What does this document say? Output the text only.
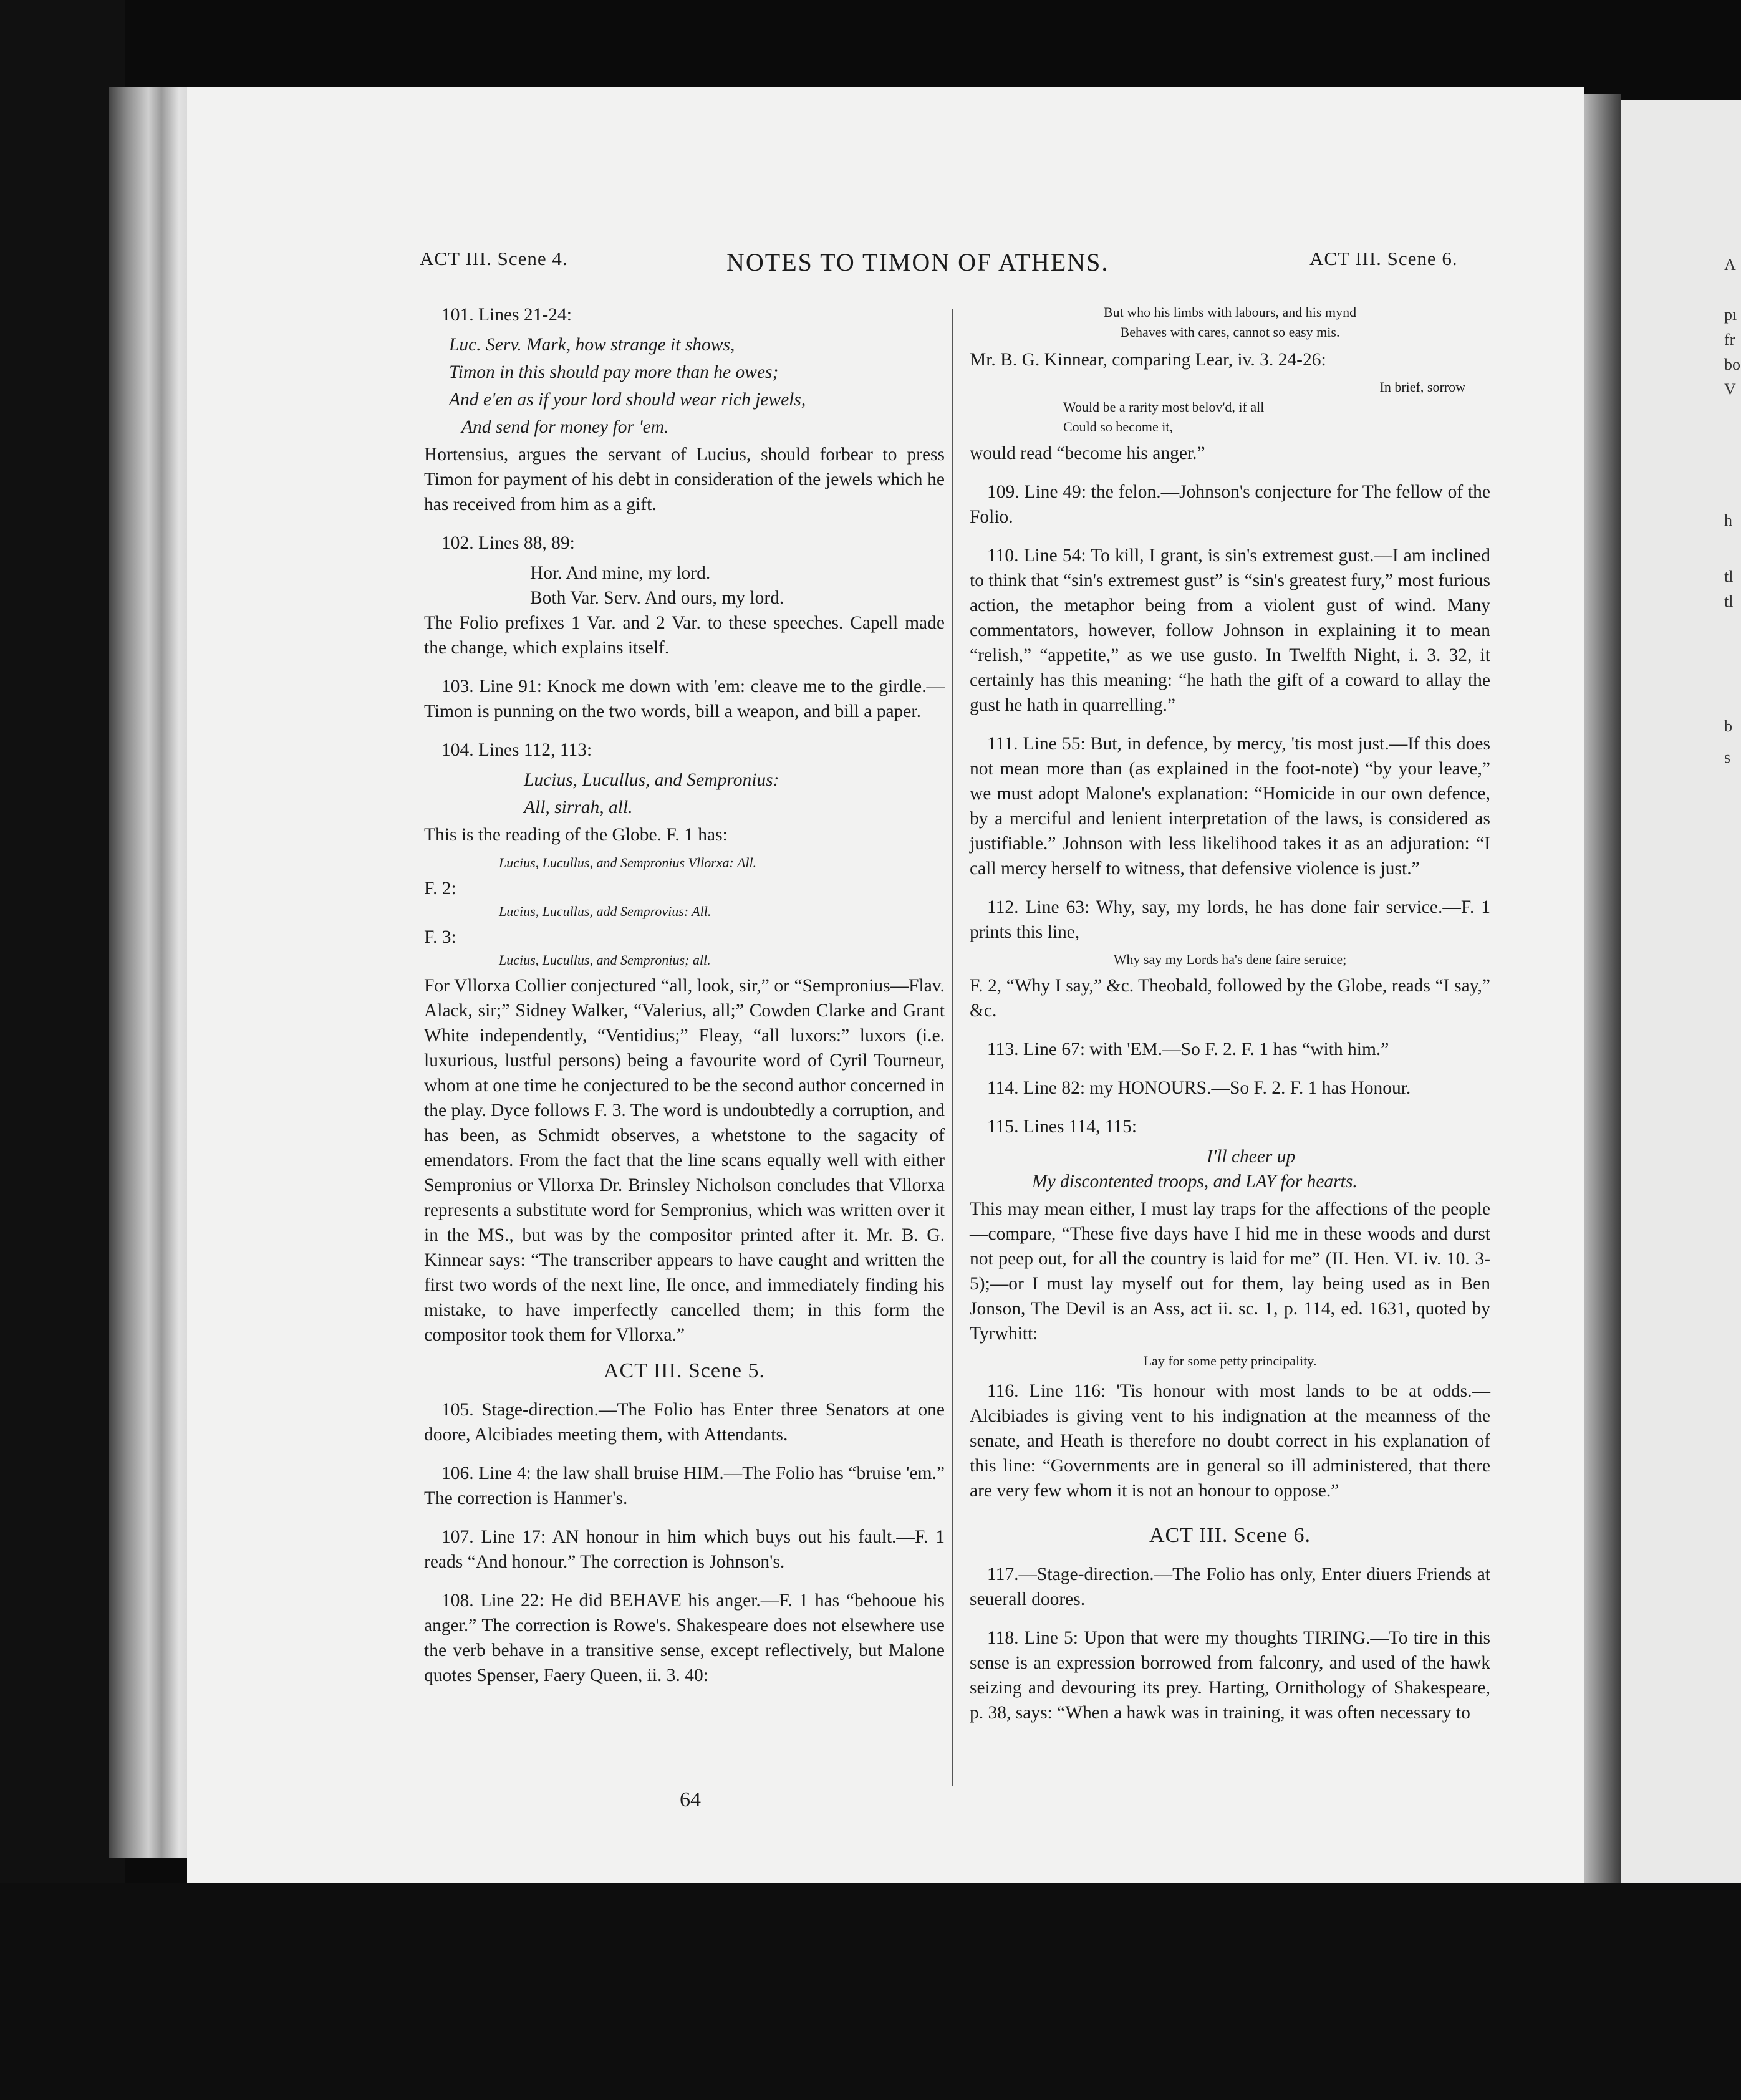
A
pı
fr
bo
V
h
tl
tl
b
s
ACT III. Scene 4.	NOTES TO TIMON OF ATHENS.	ACT III. Scene 6.

101. Lines 21-24:

Luc. Serv. Mark, how strange it shows,

Timon in this should pay more than he owes;

And e'en as if your lord should wear rich jewels,

And send for money for 'em.

Hortensius, argues the servant of Lucius, should forbear to press Timon for payment of his debt in consideration of the jewels which he has received from him as a gift.

102. Lines 88, 89:

Hor. And mine, my lord.

Both Var. Serv. And ours, my lord.

The Folio prefixes 1 Var. and 2 Var. to these speeches. Capell made the change, which explains itself.

103. Line 91: Knock me down with 'em: cleave me to the girdle.—Timon is punning on the two words, bill a weapon, and bill a paper.

104. Lines 112, 113:

Lucius, Lucullus, and Sempronius:

All, sirrah, all.

This is the reading of the Globe. F. 1 has:

Lucius, Lucullus, and Sempronius Vllorxa: All.

F. 2:

Lucius, Lucullus, add Semprovius: All.

F. 3:

Lucius, Lucullus, and Sempronius; all.

For Vllorxa Collier conjectured “all, look, sir,” or “Sempronius—Flav. Alack, sir;” Sidney Walker, “Valerius, all;” Cowden Clarke and Grant White independently, “Ventidius;” Fleay, “all luxors:” luxors (i.e. luxurious, lustful persons) being a favourite word of Cyril Tourneur, whom at one time he conjectured to be the second author concerned in the play. Dyce follows F. 3. The word is undoubtedly a corruption, and has been, as Schmidt observes, a whetstone to the sagacity of emendators. From the fact that the line scans equally well with either Sempronius or Vllorxa Dr. Brinsley Nicholson concludes that Vllorxa represents a substitute word for Sempronius, which was written over it in the MS., but was by the compositor printed after it. Mr. B. G. Kinnear says: “The transcriber appears to have caught and written the first two words of the next line, Ile once, and immediately finding his mistake, to have imperfectly cancelled them; in this form the compositor took them for Vllorxa.”

ACT III. Scene 5.

105. Stage-direction.—The Folio has Enter three Senators at one doore, Alcibiades meeting them, with Attendants.

106. Line 4: the law shall bruise HIM.—The Folio has “bruise 'em.” The correction is Hanmer's.

107. Line 17: AN honour in him which buys out his fault.—F. 1 reads “And honour.” The correction is Johnson's.

108. Line 22: He did BEHAVE his anger.—F. 1 has “behooue his anger.” The correction is Rowe's. Shakespeare does not elsewhere use the verb behave in a transitive sense, except reflectively, but Malone quotes Spenser, Faery Queen, ii. 3. 40:

But who his limbs with labours, and his mynd

Behaves with cares, cannot so easy mis.

Mr. B. G. Kinnear, comparing Lear, iv. 3. 24-26:

In brief, sorrow

Would be a rarity most belov'd, if all

Could so become it,

would read “become his anger.”

109. Line 49: the felon.—Johnson's conjecture for The fellow of the Folio.

110. Line 54: To kill, I grant, is sin's extremest gust.—I am inclined to think that “sin's extremest gust” is “sin's greatest fury,” most furious action, the metaphor being from a violent gust of wind. Many commentators, however, follow Johnson in explaining it to mean “relish,” “appetite,” as we use gusto. In Twelfth Night, i. 3. 32, it certainly has this meaning: “he hath the gift of a coward to allay the gust he hath in quarrelling.”

111. Line 55: But, in defence, by mercy, 'tis most just.—If this does not mean more than (as explained in the foot-note) “by your leave,” we must adopt Malone's explanation: “Homicide in our own defence, by a merciful and lenient interpretation of the laws, is considered as justifiable.” Johnson with less likelihood takes it as an adjuration: “I call mercy herself to witness, that defensive violence is just.”

112. Line 63: Why, say, my lords, he has done fair service.—F. 1 prints this line,

Why say my Lords ha's dene faire seruice;

F. 2, “Why I say,” &c. Theobald, followed by the Globe, reads “I say,” &c.

113. Line 67: with 'EM.—So F. 2. F. 1 has “with him.”

114. Line 82: my HONOURS.—So F. 2. F. 1 has Honour.

115. Lines 114, 115:

I'll cheer up

My discontented troops, and LAY for hearts.

This may mean either, I must lay traps for the affections of the people—compare, “These five days have I hid me in these woods and durst not peep out, for all the country is laid for me” (II. Hen. VI. iv. 10. 3-5);—or I must lay myself out for them, lay being used as in Ben Jonson, The Devil is an Ass, act ii. sc. 1, p. 114, ed. 1631, quoted by Tyrwhitt:

Lay for some petty principality.

116. Line 116: 'Tis honour with most lands to be at odds.—Alcibiades is giving vent to his indignation at the meanness of the senate, and Heath is therefore no doubt correct in his explanation of this line: “Governments are in general so ill administered, that there are very few whom it is not an honour to oppose.”

ACT III. Scene 6.

117.—Stage-direction.—The Folio has only, Enter diuers Friends at seuerall doores.

118. Line 5: Upon that were my thoughts TIRING.—To tire in this sense is an expression borrowed from falconry, and used of the hawk seizing and devouring its prey. Harting, Ornithology of Shakespeare, p. 38, says: “When a hawk was in training, it was often necessary to

64
